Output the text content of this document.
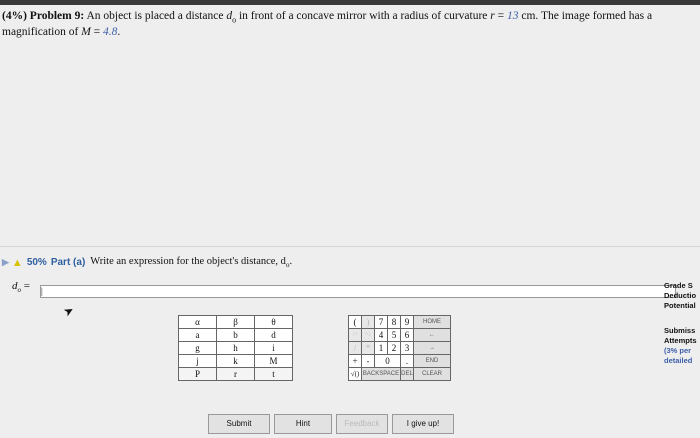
(4%) Problem 9: An object is placed a distance $d_o$ in front of a concave mirror with a radius of curvature r = 13 cm. The image formed has a magnification of M = 4.8.
▶ ▲ 50% Part (a) Write an expression for the object's distance, $d_o$.
$d_o$ = |
➤
Grade S
Deductio
Potential
Submiss
Attempts
(3% per
detailed
α	β	θ
a	b	d
g	h	i
j	k	M
P	r	t
(	)	7	8	9	HOME
↑^	^↓	4	5	6	←
/	*	1	2	3	→
+	-	0		.	END
√()	BACKSPACE			DEL	CLEAR
Submit	Hint	Feedback	I give up!
